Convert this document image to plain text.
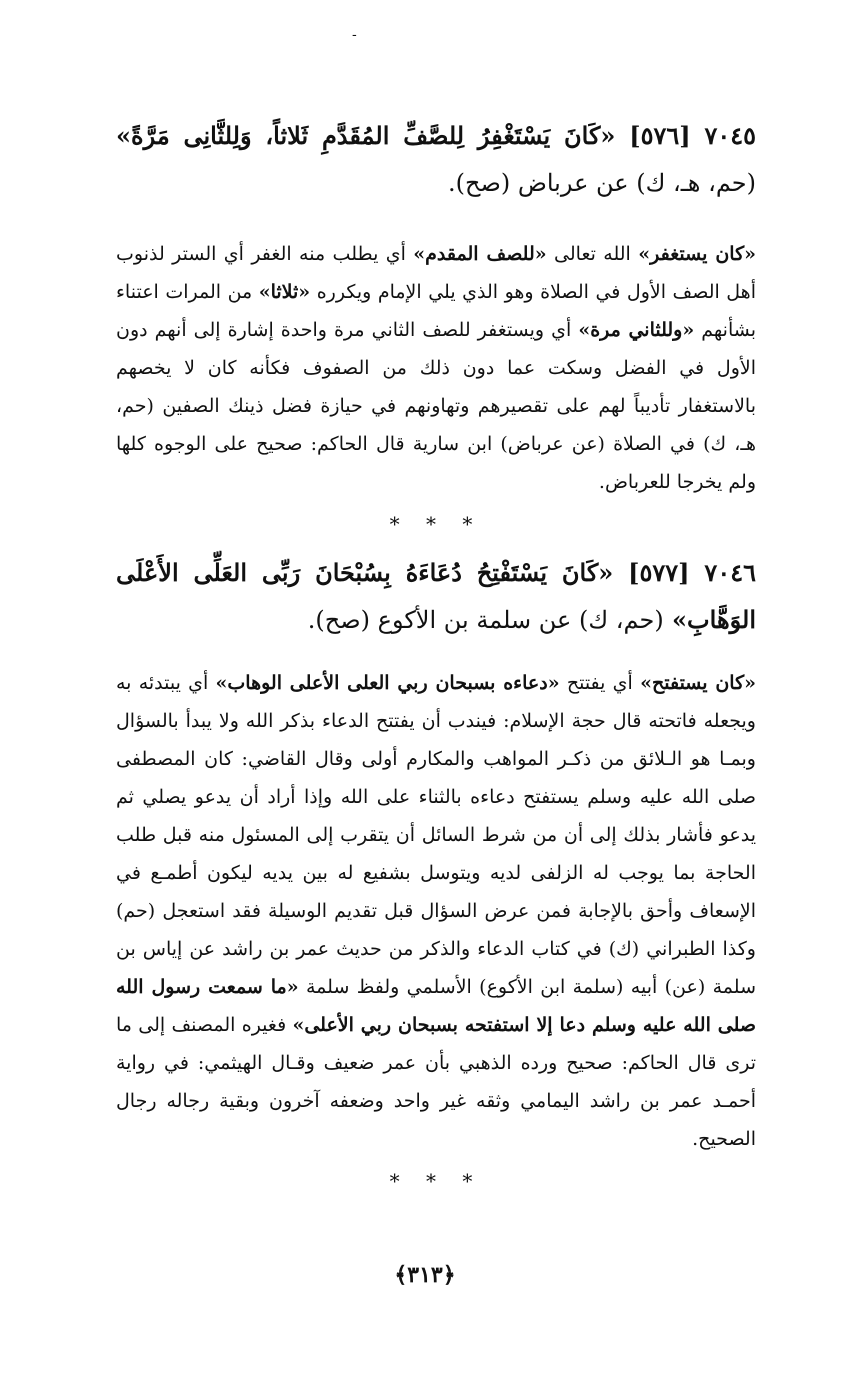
-

٧٠٤٥ [٥٧٦] «كَانَ يَسْتَغْفِرُ لِلصَّفِّ المُقَدَّمِ ثَلاثاً، وَلِلثَّانِى مَرَّةً» (حم، هـ، ك) عن عرباض (صح).

«كان يستغفر» الله تعالى «للصف المقدم» أي يطلب منه الغفر أي الستر لذنوب أهل الصف الأول في الصلاة وهو الذي يلي الإمام ويكرره «ثلاثا» من المرات اعتناء بشأنهم «وللثاني مرة» أي ويستغفر للصف الثاني مرة واحدة إشارة إلى أنهم دون الأول في الفضل وسكت عما دون ذلك من الصفوف فكأنه كان لا يخصهم بالاستغفار تأديباً لهم على تقصيرهم وتهاونهم في حيازة فضل ذينك الصفين (حم، هـ، ك) في الصلاة (عن عرباض) ابن سارية قال الحاكم: صحيح على الوجوه كلها ولم يخرجا للعرباض.

* * *

٧٠٤٦ [٥٧٧] «كَانَ يَسْتَفْتِحُ دُعَاءَهُ بِسُبْحَانَ رَبِّى العَلِّى الأَعْلَى الوَهَّابِ» (حم، ك) عن سلمة بن الأكوع (صح).

«كان يستفتح» أي يفتتح «دعاءه بسبحان ربي العلى الأعلى الوهاب» أي يبتدئه به ويجعله فاتحته قال حجة الإسلام: فيندب أن يفتتح الدعاء بذكر الله ولا يبدأ بالسؤال وبمـا هو الـلائق من ذكـر المواهب والمكارم أولى وقال القاضي: كان المصطفى صلى الله عليه وسلم يستفتح دعاءه بالثناء على الله وإذا أراد أن يدعو يصلي ثم يدعو فأشار بذلك إلى أن من شرط السائل أن يتقرب إلى المسئول منه قبل طلب الحاجة بما يوجب له الزلفى لديه ويتوسل بشفيع له بين يديه ليكون أطمـع في الإسعاف وأحق بالإجابة فمن عرض السؤال قبل تقديم الوسيلة فقد استعجل (حم) وكذا الطبراني (ك) في كتاب الدعاء والذكر من حديث عمر بن راشد عن إياس بن سلمة (عن) أبيه (سلمة ابن الأكوع) الأسلمي ولفظ سلمة «ما سمعت رسول الله صلى الله عليه وسلم دعا إلا استفتحه بسبحان ربي الأعلى» فغيره المصنف إلى ما ترى قال الحاكم: صحيح ورده الذهبي بأن عمر ضعيف وقـال الهيثمي: في رواية أحمـد عمر بن راشد اليمامي وثقه غير واحد وضعفه آخرون وبقية رجاله رجال الصحيح.

* * *
﴿٣١٣﴾
